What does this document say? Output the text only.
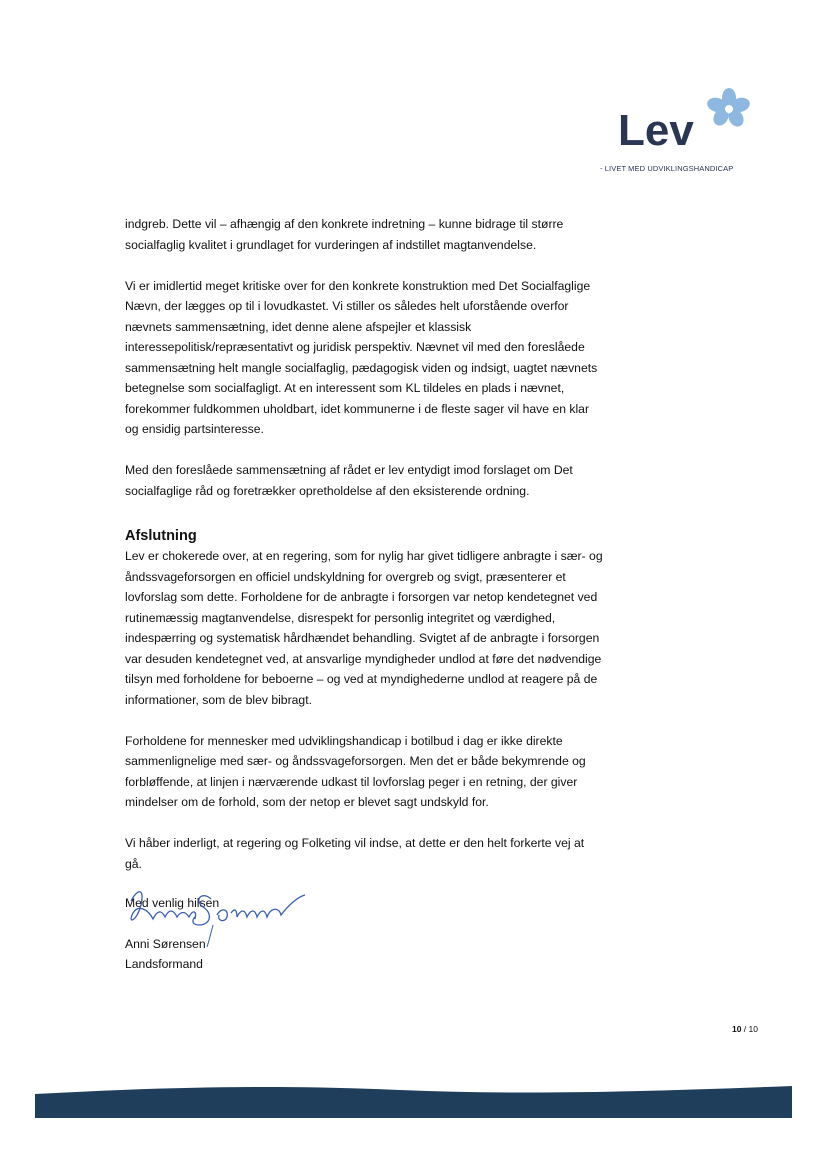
Lev
- LIVET MED UDVIKLINGSHANDICAP

indgreb. Dette vil – afhængig af den konkrete indretning – kunne bidrage til større socialfaglig kvalitet i grundlaget for vurderingen af indstillet magtanvendelse.

Vi er imidlertid meget kritiske over for den konkrete konstruktion med Det Socialfaglige Nævn, der lægges op til i lovudkastet. Vi stiller os således helt uforstående overfor nævnets sammensætning, idet denne alene afspejler et klassisk interessepolitisk/repræsentativt og juridisk perspektiv. Nævnet vil med den foreslåede sammensætning helt mangle socialfaglig, pædagogisk viden og indsigt, uagtet nævnets betegnelse som socialfagligt. At en interessent som KL tildeles en plads i nævnet, forekommer fuldkommen uholdbart, idet kommunerne i de fleste sager vil have en klar og ensidig partsinteresse.

Med den foreslåede sammensætning af rådet er lev entydigt imod forslaget om Det socialfaglige råd og foretrækker opretholdelse af den eksisterende ordning.

Afslutning

Lev er chokerede over, at en regering, som for nylig har givet tidligere anbragte i sær- og åndssvageforsorgen en officiel undskyldning for overgreb og svigt, præsenterer et lovforslag som dette. Forholdene for de anbragte i forsorgen var netop kendetegnet ved rutinemæssig magtanvendelse, disrespekt for personlig integritet og værdighed, indespærring og systematisk hårdhændet behandling. Svigtet af de anbragte i forsorgen var desuden kendetegnet ved, at ansvarlige myndigheder undlod at føre det nødvendige tilsyn med forholdene for beboerne – og ved at myndighederne undlod at reagere på de informationer, som de blev bibragt.

Forholdene for mennesker med udviklingshandicap i botilbud i dag er ikke direkte sammenlignelige med sær- og åndssvageforsorgen. Men det er både bekymrende og forbløffende, at linjen i nærværende udkast til lovforslag peger i en retning, der giver mindelser om de forhold, som der netop er blevet sagt undskyld for.

Vi håber inderligt, at regering og Folketing vil indse, at dette er den helt forkerte vej at gå.

Med venlig hilsen
Anni Sørensen
Landsformand
10 / 10
